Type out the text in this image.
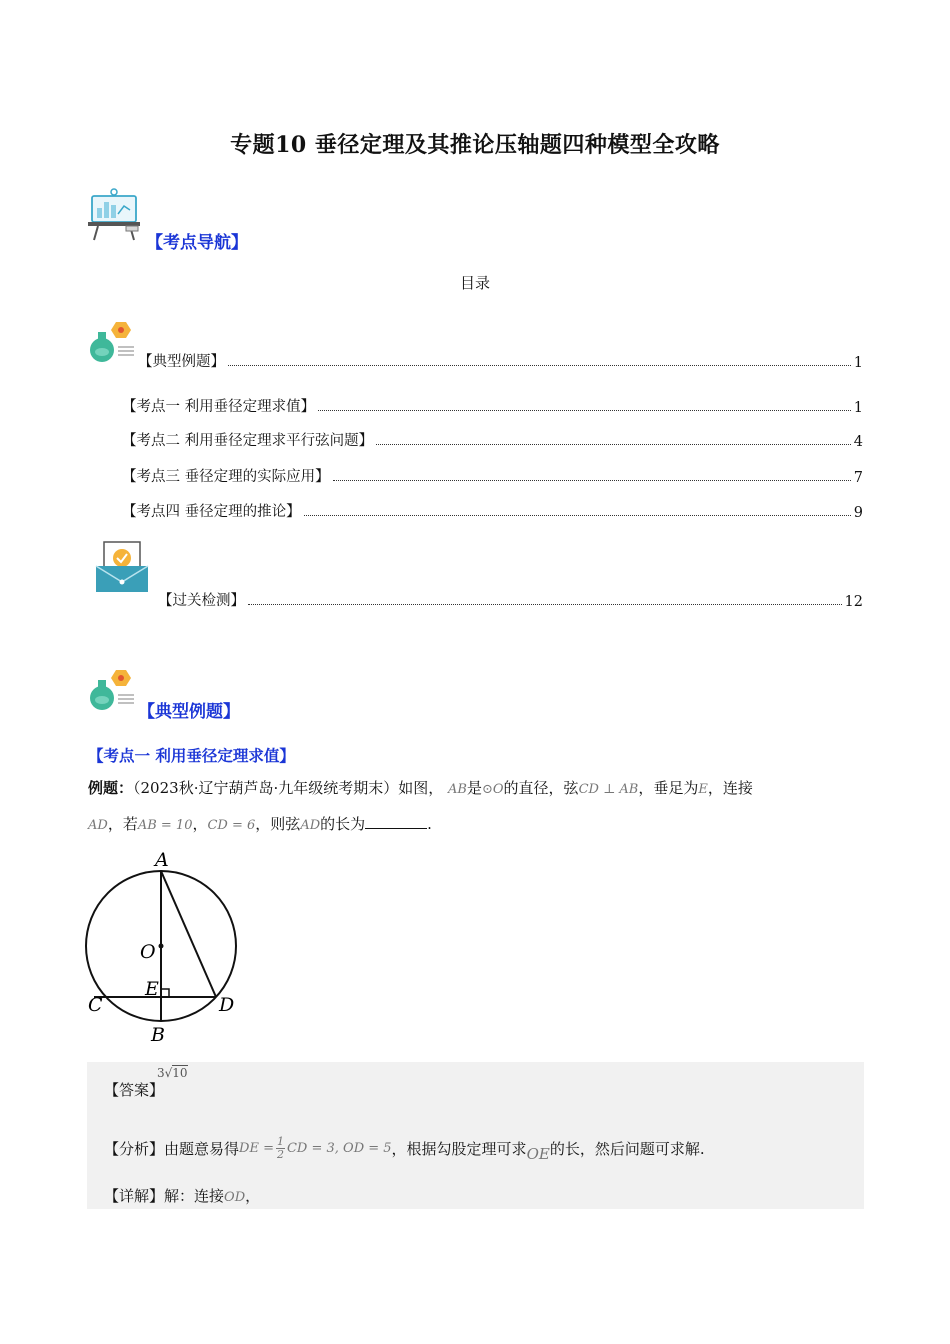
专题10 垂径定理及其推论压轴题四种模型全攻略
【考点导航】
目录
【典型例题】	1
【考点一 利用垂径定理求值】	1
【考点二 利用垂径定理求平行弦问题】	4
【考点三 垂径定理的实际应用】	7
【考点四 垂径定理的推论】	9
【过关检测】	12
【典型例题】
【考点一 利用垂径定理求值】
例题：（2023秋·辽宁葫芦岛·九年级统考期末）如图， AB是⊙O的直径，弦CD ⊥ AB，垂足为E，连接
AD，若AB = 10，CD = 6，则弦AD的长为	.
A
O
E
C	D
B
【答案】
3√10
【分析】 由题意易得 DE = $\frac{1}{2}$ CD = 3, OD = 5 ，根据勾股定理可求 OE 的长，然后问题可求解.
【详解】解：连接OD，
